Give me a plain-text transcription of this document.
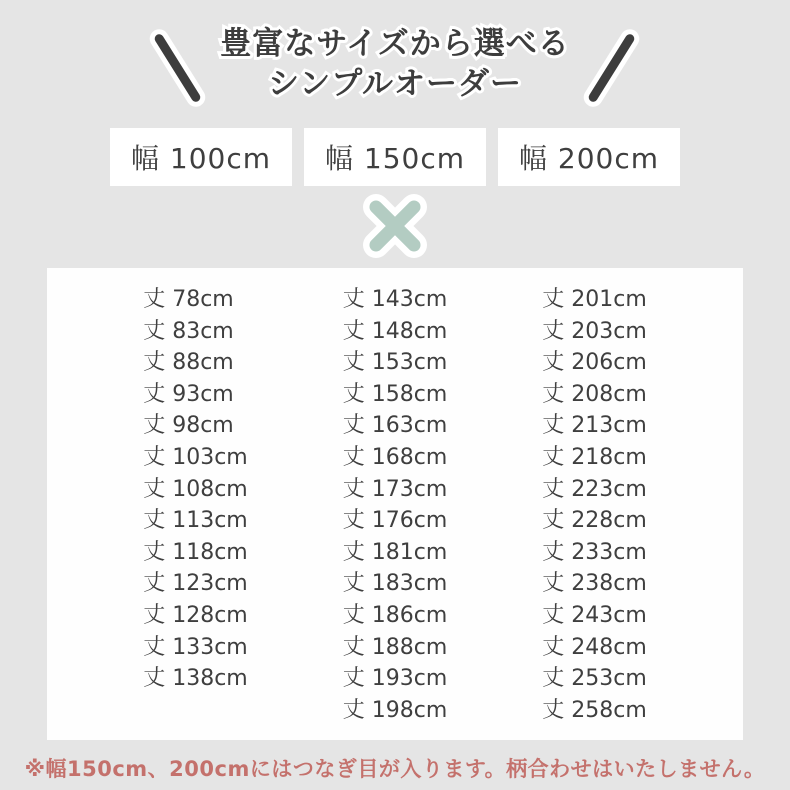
豊富なサイズから選べる
シンプルオーダー
幅 100cm	幅 150cm	幅 200cm
丈 78cm
丈 83cm
丈 88cm
丈 93cm
丈 98cm
丈 103cm
丈 108cm
丈 113cm
丈 118cm
丈 123cm
丈 128cm
丈 133cm
丈 138cm
丈 143cm
丈 148cm
丈 153cm
丈 158cm
丈 163cm
丈 168cm
丈 173cm
丈 176cm
丈 181cm
丈 183cm
丈 186cm
丈 188cm
丈 193cm
丈 198cm
丈 201cm
丈 203cm
丈 206cm
丈 208cm
丈 213cm
丈 218cm
丈 223cm
丈 228cm
丈 233cm
丈 238cm
丈 243cm
丈 248cm
丈 253cm
丈 258cm
※幅150cm、200cmにはつなぎ目が入ります。柄合わせはいたしません。
